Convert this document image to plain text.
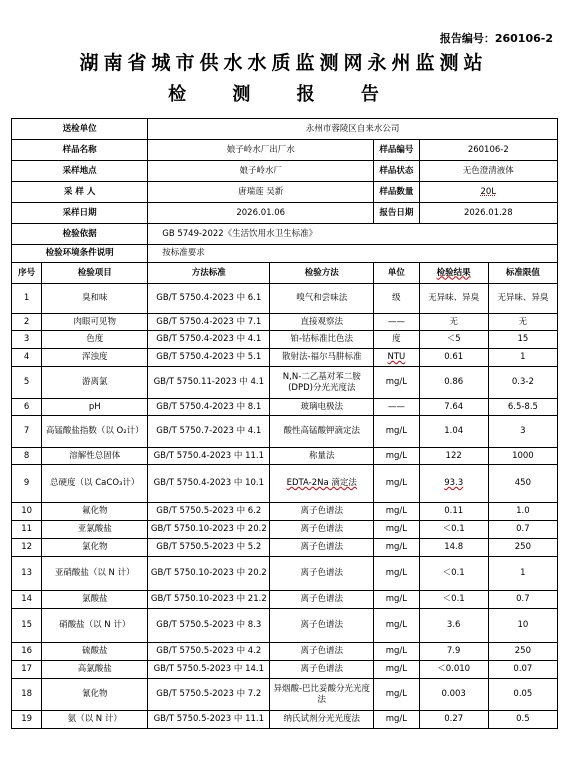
报告编号：260106-2
湖南省城市供水水质监测网永州监测站
检 测 报 告
送检单位		永州市蓉陵区自来水公司				
样品名称		娘子岭水厂出厂水		样品编号	260106-2	
采样地点		娘子岭水厂		样品状态	无色澄清液体	
采 样 人		唐瑞莲 吴新		样品数量	20L	
采样日期		2026.01.06		报告日期	2026.01.28	
检验依据		GB 5749-2022《生活饮用水卫生标准》				
检验环境条件说明		按标准要求				
序号	检验项目	方法标准	检验方法	单位	检验结果	标准限值
1	臭和味	GB/T 5750.4-2023 中 6.1	嗅气和尝味法	级	无异味、异臭	无异味、异臭
2	肉眼可见物	GB/T 5750.4-2023 中 7.1	直接观察法	——	无	无
3	色度	GB/T 5750.4-2023 中 4.1	铂-钴标准比色法	度	＜5	15
4	浑浊度	GB/T 5750.4-2023 中 5.1	散射法-福尔马肼标准	NTU	0.61	1
5	游离氯	GB/T 5750.11-2023 中 4.1	N,N-二乙基对苯二胺(DPD)分光光度法	mg/L	0.86	0.3-2
6	pH	GB/T 5750.4-2023 中 8.1	玻璃电极法	——	7.64	6.5-8.5
7	高锰酸盐指数（以 O₂计）	GB/T 5750.7-2023 中 4.1	酸性高锰酸钾滴定法	mg/L	1.04	3
8	溶解性总固体	GB/T 5750.4-2023 中 11.1	称量法	mg/L	122	1000
9	总硬度（以 CaCO₃计）	GB/T 5750.4-2023 中 10.1	EDTA-2Na 滴定法	mg/L	93.3	450
10	氟化物	GB/T 5750.5-2023 中 6.2	离子色谱法	mg/L	0.11	1.0
11	亚氯酸盐	GB/T 5750.10-2023 中 20.2	离子色谱法	mg/L	＜0.1	0.7
12	氯化物	GB/T 5750.5-2023 中 5.2	离子色谱法	mg/L	14.8	250
13	亚硝酸盐（以 N 计）	GB/T 5750.10-2023 中 20.2	离子色谱法	mg/L	＜0.1	1
14	氯酸盐	GB/T 5750.10-2023 中 21.2	离子色谱法	mg/L	＜0.1	0.7
15	硝酸盐（以 N 计）	GB/T 5750.5-2023 中 8.3	离子色谱法	mg/L	3.6	10
16	硫酸盐	GB/T 5750.5-2023 中 4.2	离子色谱法	mg/L	7.9	250
17	高氯酸盐	GB/T 5750.5-2023 中 14.1	离子色谱法	mg/L	＜0.010	0.07
18	氰化物	GB/T 5750.5-2023 中 7.2	异烟酸-巴比妥酸分光光度法	mg/L	0.003	0.05
19	氨（以 N 计）	GB/T 5750.5-2023 中 11.1	纳氏试剂分光光度法	mg/L	0.27	0.5
